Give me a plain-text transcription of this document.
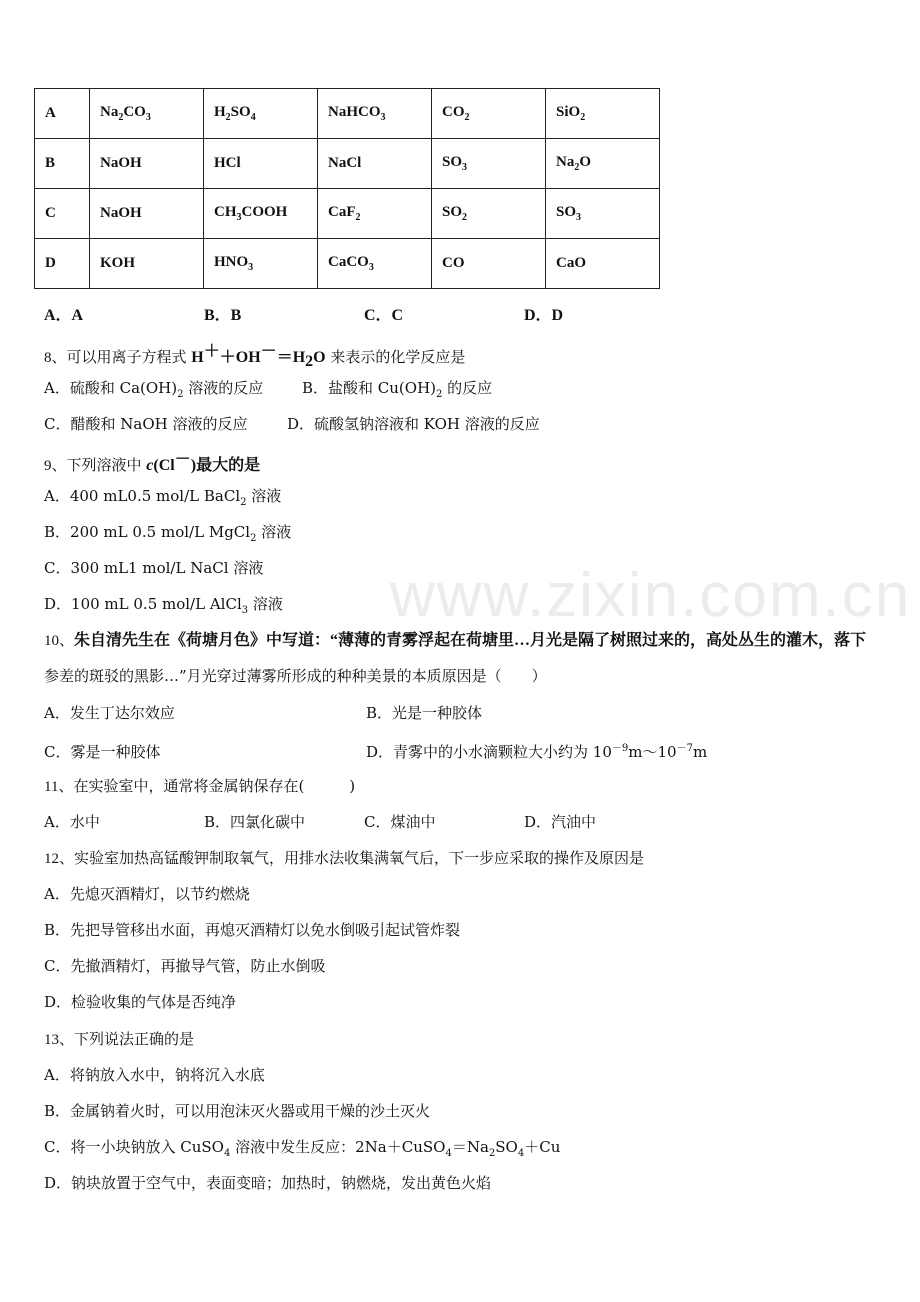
www.zixin.com.cn
A	$Na_2CO_3$	$H_2SO_4$	NaHCO$_3$	$CO_2$	SiO$_2$
B	NaOH	HCl	NaCl	$SO_3$	$Na_2O$
C	NaOH	$CH_3COOH$	CaF$_2$	$SO_2$	$SO_3$
D	KOH	$HNO_3$	CaCO$_3$	CO	CaO
A．A	B．B	C．C	D．D
8、可以用离子方程式 $H^++OH^-=H_2O$ 来表示的化学反应是
A．硫酸和 $Ca(OH)_2$ 溶液的反应	B．盐酸和 $Cu(OH)_2$ 的反应
C．醋酸和 NaOH 溶液的反应	D．硫酸氢钠溶液和 KOH 溶液的反应
9、下列溶液中 c(Cl－)最大的是
A．400 mL0.5 mol/L BaCl$_2$ 溶液
B．200 mL 0.5 mol/L MgCl$_2$ 溶液
C．300 mL1 mol/L NaCl 溶液
D．100 mL 0.5 mol/L AlCl$_3$ 溶液
10、朱自清先生在《荷塘月色》中写道：“薄薄的青雾浮起在荷塘里…月光是隔了树照过来的，高处丛生的灌木，落下
参差的斑驳的黑影…”月光穿过薄雾所形成的种种美景的本质原因是（　　）
A．发生丁达尔效应	B．光是一种胶体
C．雾是一种胶体	D．青雾中的小水滴颗粒大小约为 $10^{-9}m\sim 10^{-7}m$
11、在实验室中，通常将金属钠保存在(　　　)
A．水中	B．四氯化碳中	C．煤油中	D．汽油中
12、实验室加热高锰酸钾制取氧气，用排水法收集满氧气后，下一步应采取的操作及原因是
A．先熄灭酒精灯，以节约燃烧
B．先把导管移出水面，再熄灭酒精灯以免水倒吸引起试管炸裂
C．先撤酒精灯，再撤导气管，防止水倒吸
D．检验收集的气体是否纯净
13、下列说法正确的是
A．将钠放入水中，钠将沉入水底
B．金属钠着火时，可以用泡沫灭火器或用干燥的沙土灭火
C．将一小块钠放入 CuSO$_4$ 溶液中发生反应：$2Na+CuSO_4=Na_2SO_4+Cu$
D．钠块放置于空气中，表面变暗；加热时，钠燃烧，发出黄色火焰
